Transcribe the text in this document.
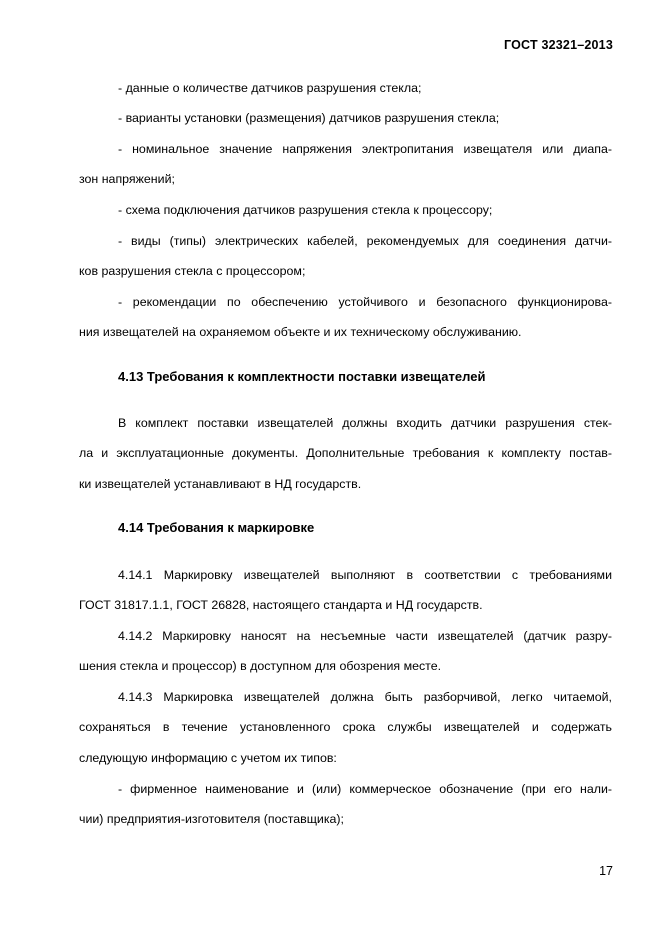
ГОСТ 32321–2013
- данные о количестве датчиков разрушения стекла;
- варианты установки (размещения) датчиков разрушения стекла;
- номинальное значение напряжения электропитания извещателя или диапа-
зон напряжений;
- схема подключения датчиков разрушения стекла к процессору;
- виды (типы) электрических кабелей, рекомендуемых для соединения датчи-
ков разрушения стекла с процессором;
- рекомендации по обеспечению устойчивого и безопасного функционирова-
ния извещателей на охраняемом объекте и их техническому обслуживанию.
4.13 Требования к комплектности поставки извещателей
В комплект поставки извещателей должны входить датчики разрушения стек-
ла и эксплуатационные документы. Дополнительные требования к комплекту постав-
ки извещателей устанавливают в НД государств.
4.14 Требования к маркировке
4.14.1 Маркировку извещателей выполняют в соответствии с требованиями
ГОСТ 31817.1.1, ГОСТ 26828, настоящего стандарта и НД государств.
4.14.2 Маркировку наносят на несъемные части извещателей (датчик разру-
шения стекла и процессор) в доступном для обозрения месте.
4.14.3 Маркировка извещателей должна быть разборчивой, легко читаемой,
сохраняться в течение установленного срока службы извещателей и содержать
следующую информацию с учетом их типов:
- фирменное наименование и (или) коммерческое обозначение (при его нали-
чии) предприятия-изготовителя (поставщика);
17
